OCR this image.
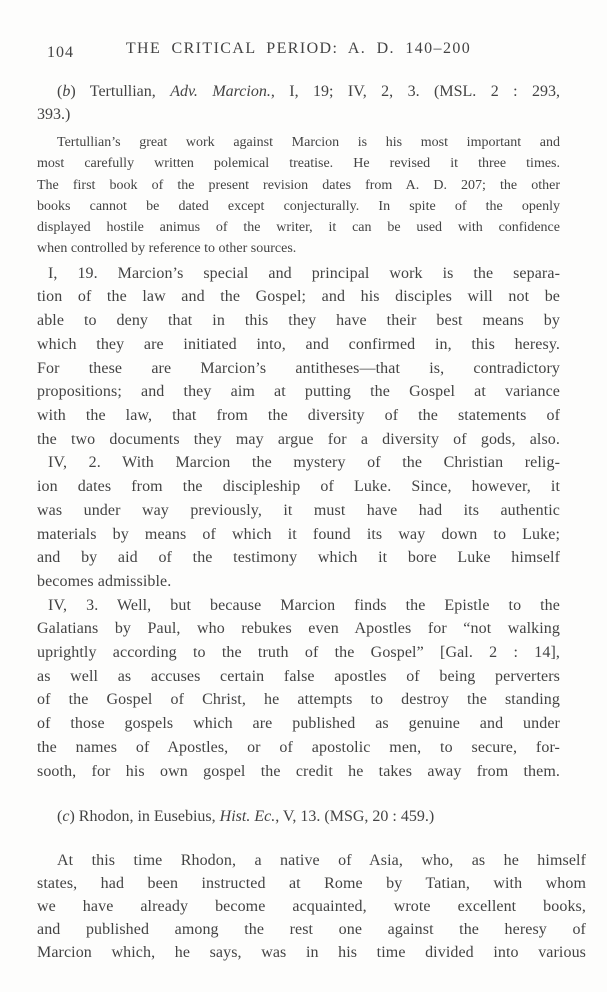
104	THE CRITICAL PERIOD: A. D. 140–200
(b) Tertullian, Adv. Marcion., I, 19; IV, 2, 3. (MSL. 2 : 293,
393.)
Tertullian’s great work against Marcion is his most important and
most carefully written polemical treatise. He revised it three times.
The first book of the present revision dates from A. D. 207; the other
books cannot be dated except conjecturally. In spite of the openly
displayed hostile animus of the writer, it can be used with confidence
when controlled by reference to other sources.
I, 19. Marcion’s special and principal work is the separa-
tion of the law and the Gospel; and his disciples will not be
able to deny that in this they have their best means by
which they are initiated into, and confirmed in, this heresy.
For these are Marcion’s antitheses—that is, contradictory
propositions; and they aim at putting the Gospel at variance
with the law, that from the diversity of the statements of
the two documents they may argue for a diversity of gods, also.
IV, 2. With Marcion the mystery of the Christian relig-
ion dates from the discipleship of Luke. Since, however, it
was under way previously, it must have had its authentic
materials by means of which it found its way down to Luke;
and by aid of the testimony which it bore Luke himself
becomes admissible.
IV, 3. Well, but because Marcion finds the Epistle to the
Galatians by Paul, who rebukes even Apostles for “not walking
uprightly according to the truth of the Gospel” [Gal. 2 : 14],
as well as accuses certain false apostles of being perverters
of the Gospel of Christ, he attempts to destroy the standing
of those gospels which are published as genuine and under
the names of Apostles, or of apostolic men, to secure, for-
sooth, for his own gospel the credit he takes away from them.
(c) Rhodon, in Eusebius, Hist. Ec., V, 13. (MSG, 20 : 459.)
At this time Rhodon, a native of Asia, who, as he himself
states, had been instructed at Rome by Tatian, with whom
we have already become acquainted, wrote excellent books,
and published among the rest one against the heresy of
Marcion which, he says, was in his time divided into various
